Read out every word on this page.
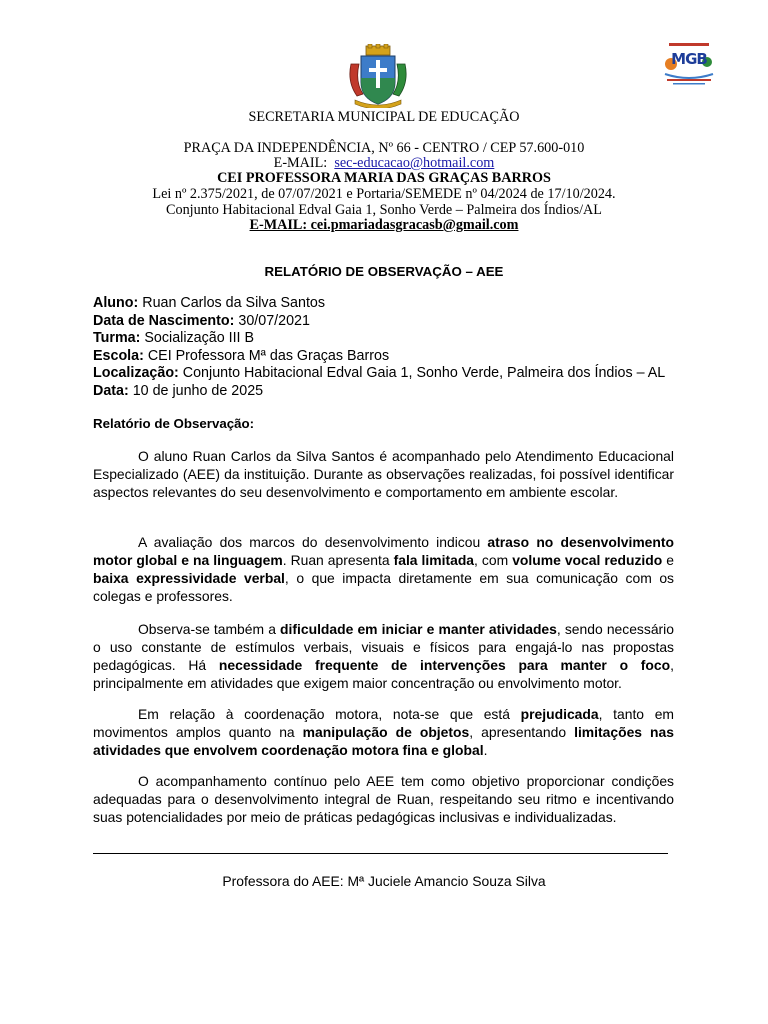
MGB
SECRETARIA MUNICIPAL DE EDUCAÇÃO
PRAÇA DA INDEPENDÊNCIA, Nº 66 - CENTRO / CEP 57.600-010
E-MAIL: sec-educacao@hotmail.com
CEI PROFESSORA MARIA DAS GRAÇAS BARROS
Lei nº 2.375/2021, de 07/07/2021 e Portaria/SEMEDE nº 04/2024 de 17/10/2024.
Conjunto Habitacional Edval Gaia 1, Sonho Verde – Palmeira dos Índios/AL
E-MAIL: cei.pmariadasgracasb@gmail.com
RELATÓRIO DE OBSERVAÇÃO – AEE
Aluno: Ruan Carlos da Silva Santos
Data de Nascimento: 30/07/2021
Turma: Socialização III B
Escola: CEI Professora Mª das Graças Barros
Localização: Conjunto Habitacional Edval Gaia 1, Sonho Verde, Palmeira dos Índios – AL
Data: 10 de junho de 2025
Relatório de Observação:
O aluno Ruan Carlos da Silva Santos é acompanhado pelo Atendimento Educacional Especializado (AEE) da instituição. Durante as observações realizadas, foi possível identificar aspectos relevantes do seu desenvolvimento e comportamento em ambiente escolar.
A avaliação dos marcos do desenvolvimento indicou atraso no desenvolvimento motor global e na linguagem. Ruan apresenta fala limitada, com volume vocal reduzido e baixa expressividade verbal, o que impacta diretamente em sua comunicação com os colegas e professores.
Observa-se também a dificuldade em iniciar e manter atividades, sendo necessário o uso constante de estímulos verbais, visuais e físicos para engajá-lo nas propostas pedagógicas. Há necessidade frequente de intervenções para manter o foco, principalmente em atividades que exigem maior concentração ou envolvimento motor.
Em relação à coordenação motora, nota-se que está prejudicada, tanto em movimentos amplos quanto na manipulação de objetos, apresentando limitações nas atividades que envolvem coordenação motora fina e global.
O acompanhamento contínuo pelo AEE tem como objetivo proporcionar condições adequadas para o desenvolvimento integral de Ruan, respeitando seu ritmo e incentivando suas potencialidades por meio de práticas pedagógicas inclusivas e individualizadas.
Professora do AEE: Mª Juciele Amancio Souza Silva
